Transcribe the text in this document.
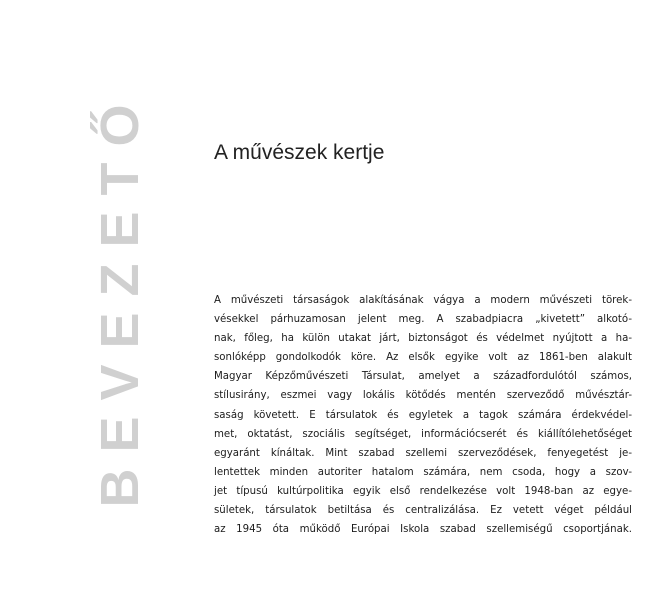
BEVEZETŐ	A művészek kertje
A művészeti társaságok alakításának vágya a modern művészeti törek-
vésekkel párhuzamosan jelent meg. A szabadpiacra „kivetett” alkotó-
nak, főleg, ha külön utakat járt, biztonságot és védelmet nyújtott a ha-
sonlóképp gondolkodók köre. Az elsők egyike volt az 1861-ben alakult
Magyar Képzőművészeti Társulat, amelyet a századfordulótól számos,
stílusirány, eszmei vagy lokális kötődés mentén szerveződő művésztár-
saság követett. E társulatok és egyletek a tagok számára érdekvédel-
met, oktatást, szociális segítséget, információcserét és kiállítólehetőséget
egyaránt kínáltak. Mint szabad szellemi szerveződések, fenyegetést je-
lentettek minden autoriter hatalom számára, nem csoda, hogy a szov-
jet típusú kultúrpolitika egyik első rendelkezése volt 1948-ban az egye-
sületek, társulatok betiltása és centralizálása. Ez vetett véget például
az 1945 óta működő Európai Iskola szabad szellemiségű csoportjának.
